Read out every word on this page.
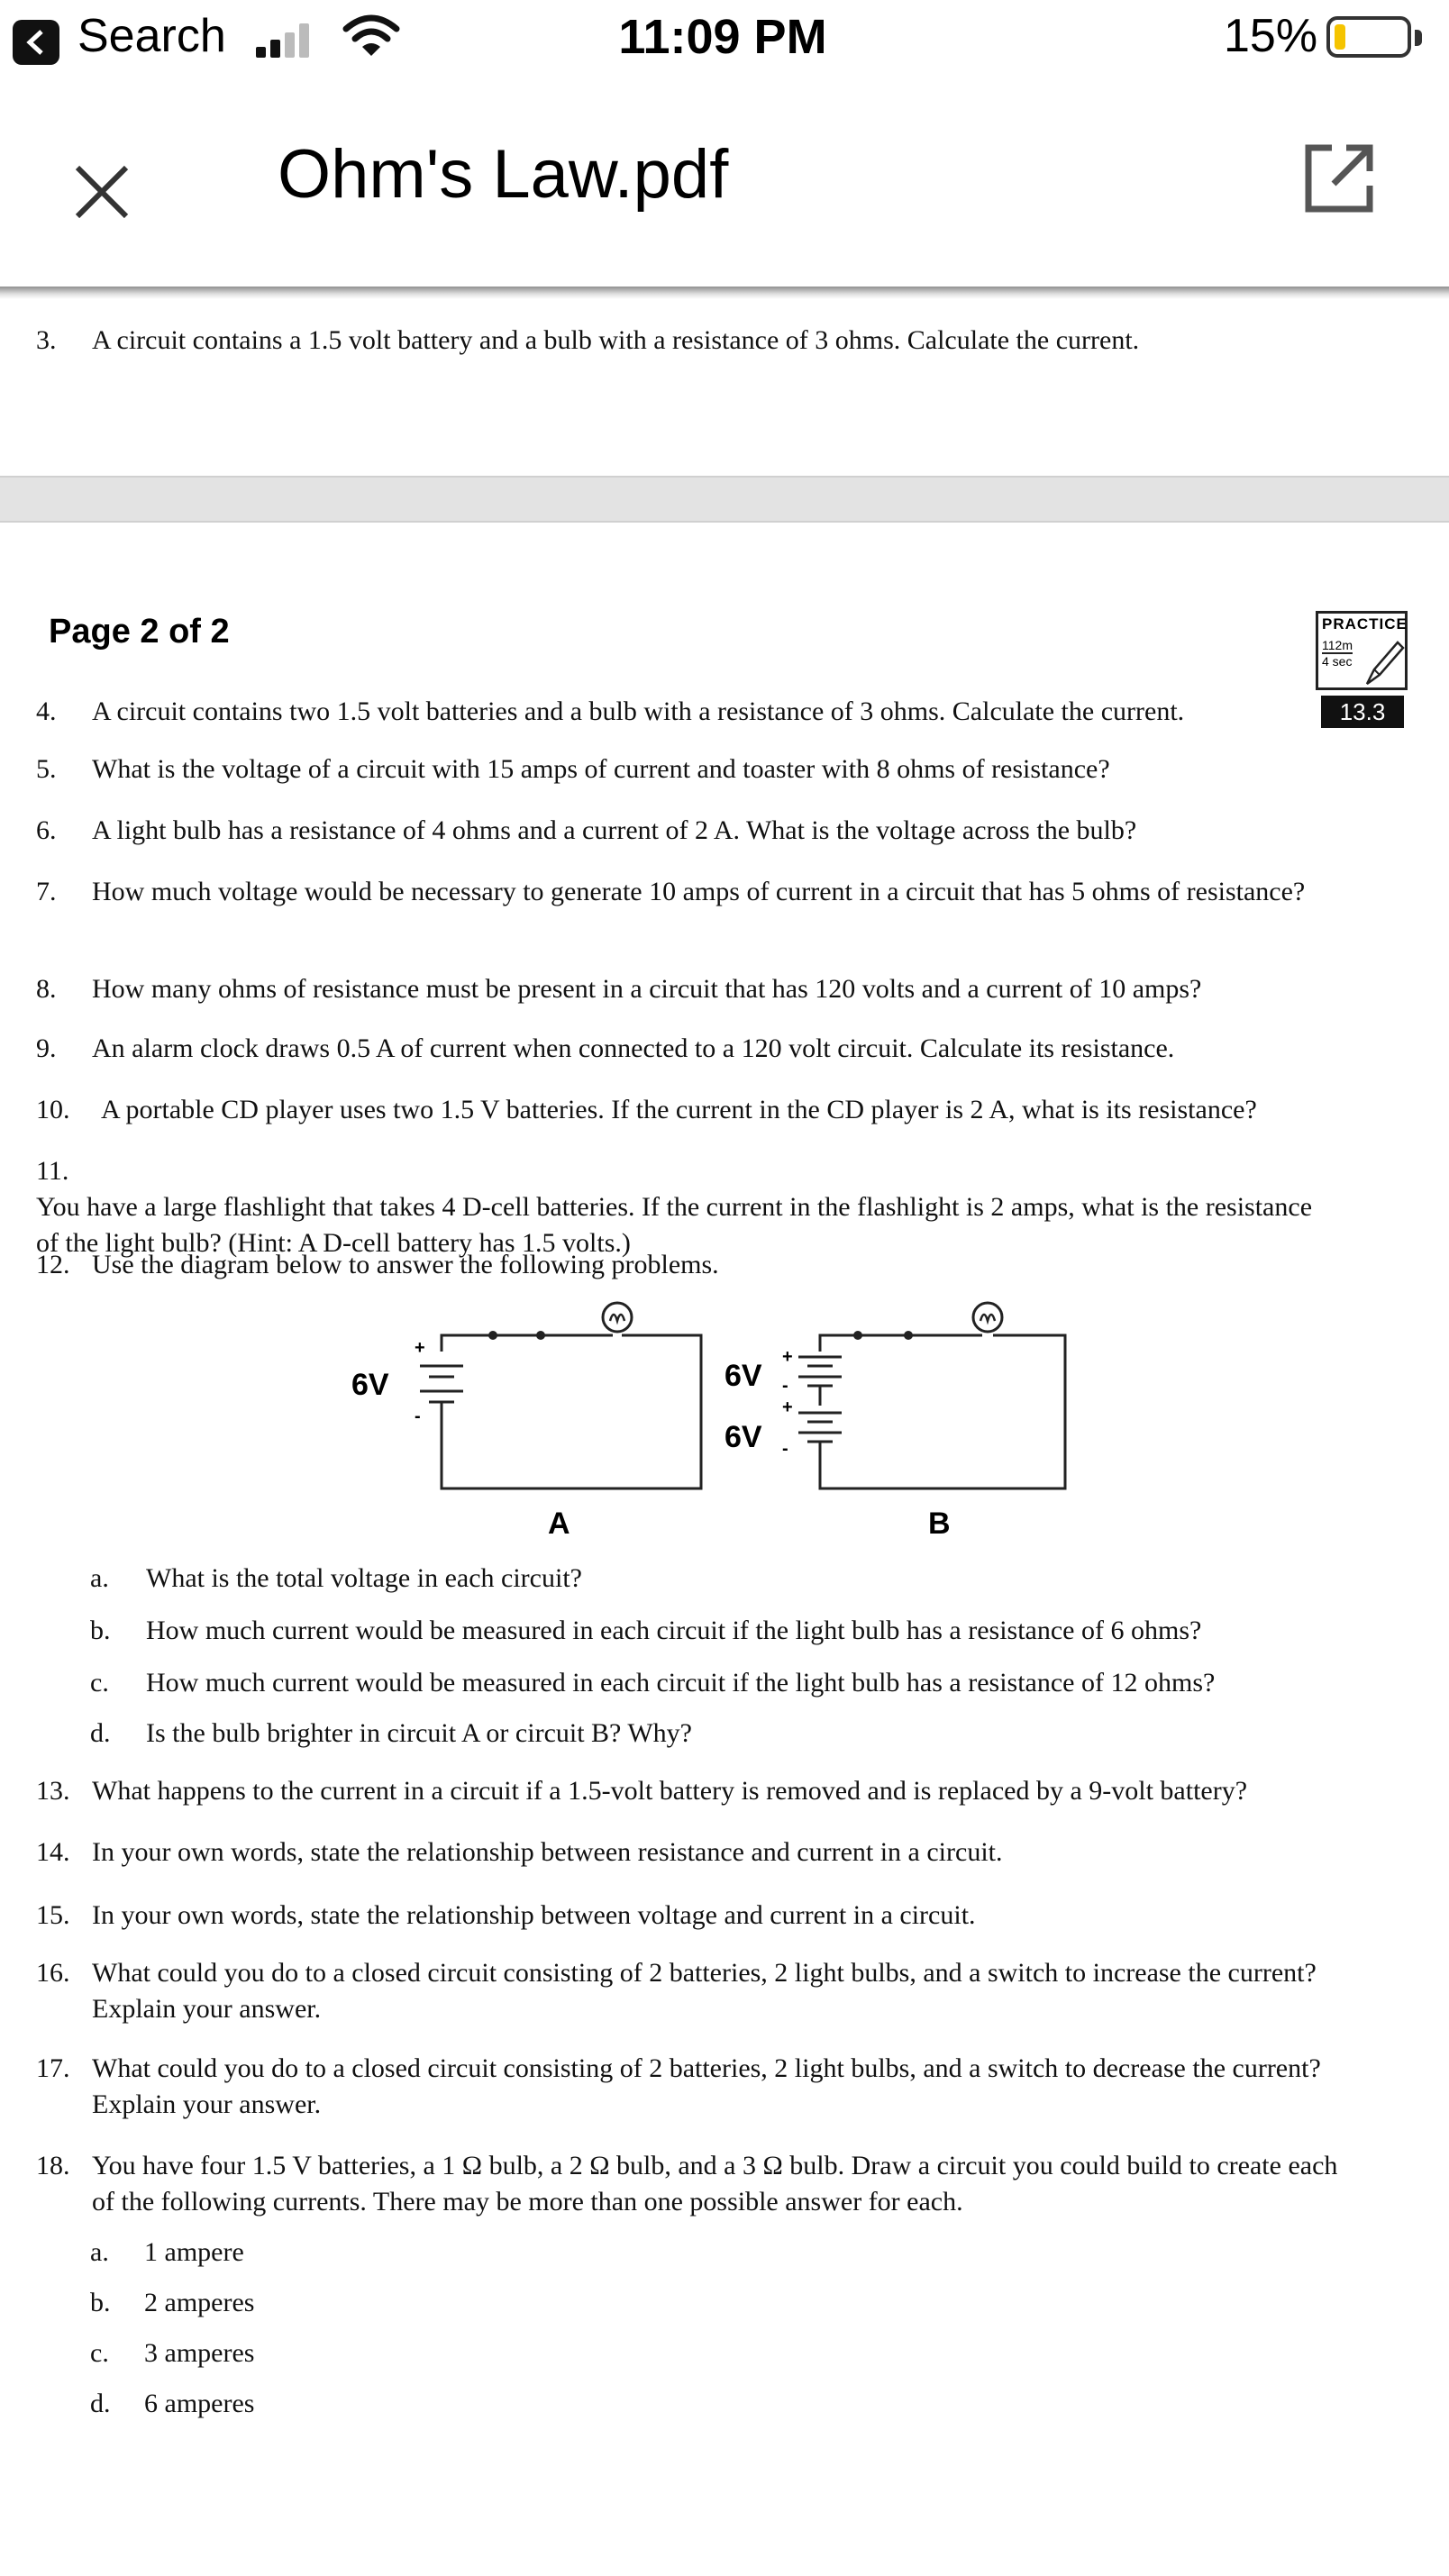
Search	11:09 PM	15%
Ohm's Law.pdf
3. A circuit contains a 1.5 volt battery and a bulb with a resistance of 3 ohms. Calculate the current.
Page 2 of 2	PRACTICE
112m
4 sec
13.3
4. A circuit contains two 1.5 volt batteries and a bulb with a resistance of 3 ohms. Calculate the current.
5. What is the voltage of a circuit with 15 amps of current and toaster with 8 ohms of resistance?
6. A light bulb has a resistance of 4 ohms and a current of 2 A. What is the voltage across the bulb?
7. How much voltage would be necessary to generate 10 amps of current in a circuit that has 5 ohms of resistance?
8. How many ohms of resistance must be present in a circuit that has 120 volts and a current of 10 amps?
9. An alarm clock draws 0.5 A of current when connected to a 120 volt circuit. Calculate its resistance.
10. A portable CD player uses two 1.5 V batteries. If the current in the CD player is 2 A, what is its resistance?
11.You have a large flashlight that takes 4 D-cell batteries. If the current in the flashlight is 2 amps, what is the resistance of the light bulb? (Hint: A D-cell battery has 1.5 volts.)
12. Use the diagram below to answer the following problems.
+
-
6V
A
+
-
+
-
6V
6V
B
a. What is the total voltage in each circuit?
b. How much current would be measured in each circuit if the light bulb has a resistance of 6 ohms?
c. How much current would be measured in each circuit if the light bulb has a resistance of 12 ohms?
d. Is the bulb brighter in circuit A or circuit B? Why?
13. What happens to the current in a circuit if a 1.5-volt battery is removed and is replaced by a 9-volt battery?
14. In your own words, state the relationship between resistance and current in a circuit.
15. In your own words, state the relationship between voltage and current in a circuit.
16. What could you do to a closed circuit consisting of 2 batteries, 2 light bulbs, and a switch to increase the current? Explain your answer.
17. What could you do to a closed circuit consisting of 2 batteries, 2 light bulbs, and a switch to decrease the current? Explain your answer.
18. You have four 1.5 V batteries, a 1 Ω bulb, a 2 Ω bulb, and a 3 Ω bulb. Draw a circuit you could build to create each of the following currents. There may be more than one possible answer for each.
a. 1 ampere
b. 2 amperes
c. 3 amperes
d. 6 amperes
